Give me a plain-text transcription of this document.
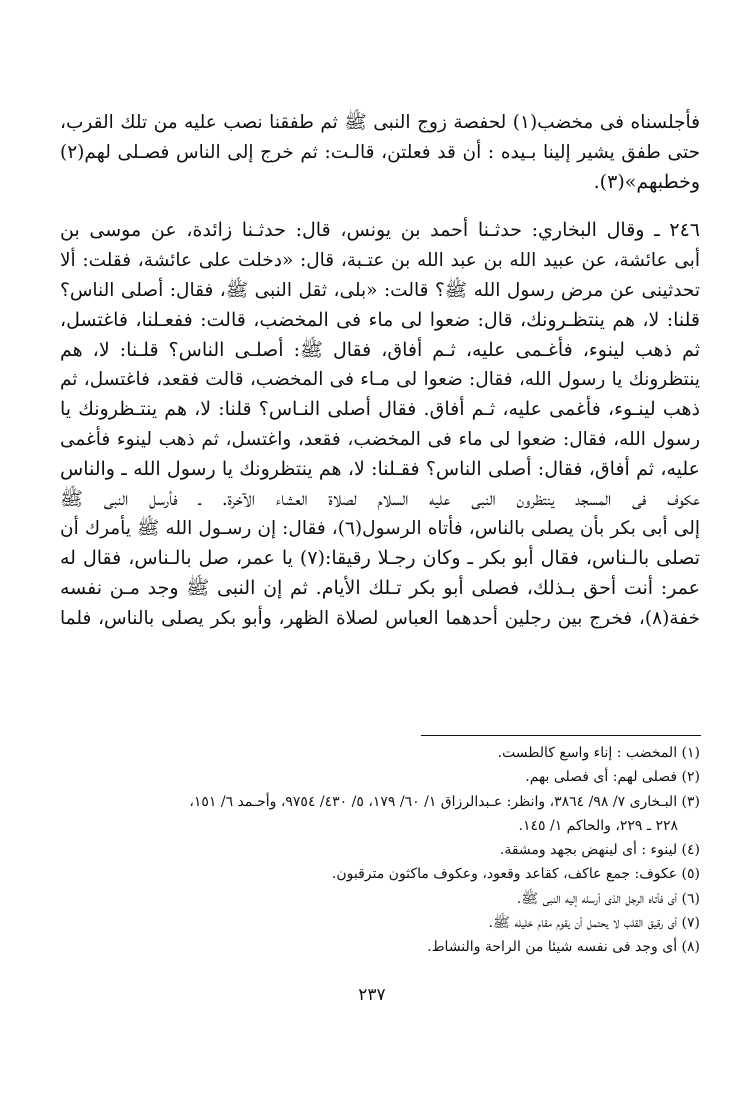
فأجلسناه فى مخضب(١) لحفصة زوج النبى ﷺ ثم طفقنا نصب عليه من تلك القرب،
حتى طفق يشير إلينا بـيده : أن قد فعلتن، قالـت: ثم خرج إلى الناس فصـلى لهم(٢)
وخطبهم»(٣).

٢٤٦ ـ وقال البخاري: حدثـنا أحمد بن يونس، قال: حدثـنا زائدة، عن موسى بن
أبى عائشة، عن عبيد الله بن عبد الله بن عتـبة، قال: «دخلت على عائشة، فقلت: ألا
تحدثينى عن مرض رسول الله ﷺ؟ قالت: «بلى، ثقل النبى ﷺ، فقال: أصلى الناس؟
قلنا: لا، هم ينتظـرونك، قال: ضعوا لى ماء فى المخضب، قالت: ففعـلنا، فاغتسل،
ثم ذهب لينوء، فأغـمى عليه، ثـم أفاق، فقال ﷺ: أصلـى الناس؟ قلـنا: لا، هم
ينتظرونك يا رسول الله، فقال: ضعوا لى مـاء فى المخضب، قالت فقعد، فاغتسل، ثم
ذهب لينـوء، فأغمى عليه، ثـم أفاق. فقال أصلى النـاس؟ قلنا: لا، هم ينتـظرونك يا
رسول الله، فقال: ضعوا لى ماء فى المخضب، فقعد، واغتسل، ثم ذهب لينوء فأغمى
عليه، ثم أفاق، فقال: أصلى الناس؟ فقـلنا: لا، هم ينتظرونك يا رسول الله ـ والناس
عكوف فى المسجد ينتظرون النبى عليه السلام لصلاة العشاء الآخرة. ـ فأرسل النبى ﷺ
إلى أبى بكر بأن يصلى بالناس، فأتاه الرسول(٦)، فقال: إن رسـول الله ﷺ يأمرك أن
تصلى بالـناس، فقال أبو بكر ـ وكان رجـلا رقيقا:(٧) يا عمر، صل بالـناس، فقال له
عمر: أنت أحق بـذلك، فصلى أبو بكر تـلك الأيام. ثم إن النبى ﷺ وجد مـن نفسه
خفة(٨)، فخرج بين رجلين أحدهما العباس لصلاة الظهر، وأبو بكر يصلى بالناس، فلما

(١) المخضب : إناء واسع كالطست.
(٢) فصلى لهم: أى فصلى بهم.
(٣) البـخارى ٧/ ٩٨/ ٣٨٦٤، وانظر: عـبدالرزاق ١/ ٦٠/ ١٧٩، ٥/ ٤٣٠/ ٩٧٥٤، وأحـمد ٦/ ١٥١،
٢٢٨ ـ ٢٢٩، والحاكم ١/ ١٤٥.
(٤) لينوء : أى لينهض بجهد ومشقة.
(٥) عكوف: جمع عاكف، كقاعد وقعود، وعكوف ماكثون مترقبون.
(٦) أى فأتاه الرجل الذى أرسله إليه النبى ﷺ.
(٧) أى رقيق القلب لا يحتمل أن يقوم مقام خليله ﷺ.
(٨) أى وجد فى نفسه شيئا من الراحة والنشاط.
٢٣٧
